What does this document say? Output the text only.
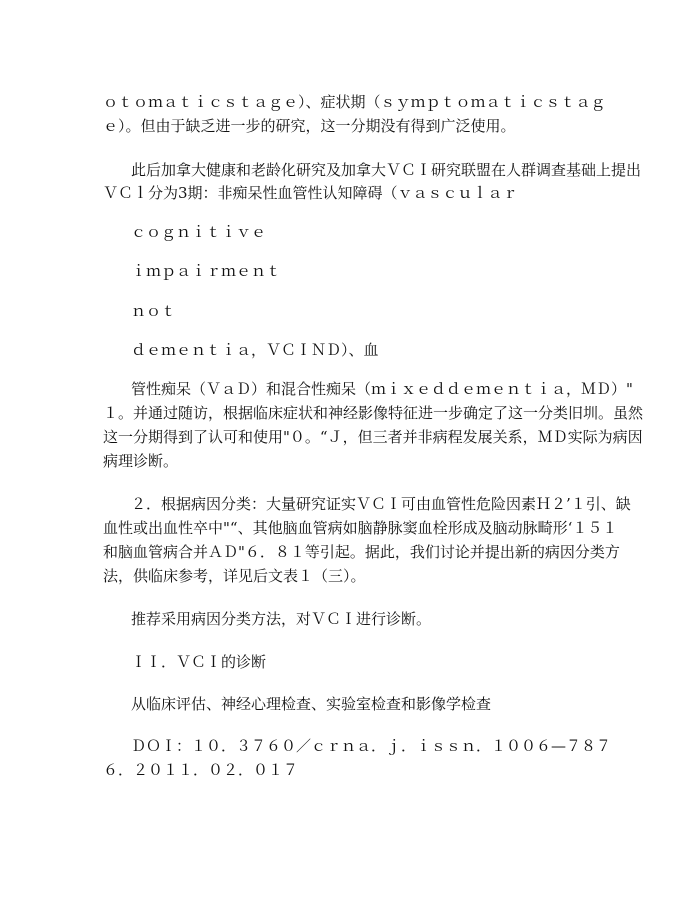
ｏｔｏｍａｔｉｃｓｔａｇｅ）、症状期（ｓｙｍｐｔｏｍａｔｉｃｓｔａｇ
ｅ）。但由于缺乏进一步的研究，这一分期没有得到广泛使用。
此后加拿大健康和老龄化研究及加拿大ＶＣＩ研究联盟在人群调查基础上提出
ＶＣｌ分为3期：非痴呆性血管性认知障碍（ｖａｓｃｕｌａｒ
ｃｏｇｎｉｔｉｖｅ
ｉｍｐａｉｒｍｅｎｔ
ｎｏｔ
ｄｅｍｅｎｔｉａ，ＶＣＩＮＤ）、血
管性痴呆（ＶａＤ）和混合性痴呆（ｍｉｘｅｄｄｅｍｅｎｔｉａ，ＭＤ）"
１。并通过随访，根据临床症状和神经影像特征进一步确定了这一分类旧圳。虽然
这一分期得到了认可和使用"０。“Ｊ，但三者并非病程发展关系，ＭＤ实际为病因
病理诊断。
２．根据病因分类：大量研究证实ＶＣＩ可由血管性危险因素Ｈ２’１引、缺
血性或出血性卒中"“、其他脑血管病如脑静脉窦血栓形成及脑动脉畸形‘１５１
和脑血管病合并ＡＤ"６．８１等引起。据此，我们讨论并提出新的病因分类方
法，供临床参考，详见后文表１（三）。
推荐采用病因分类方法，对ＶＣＩ进行诊断。
ＩＩ．ＶＣＩ的诊断
从临床评估、神经心理检查、实验室检查和影像学检查
ＤＯＩ：１０．３７６０／ｃｒｎａ．ｊ．ｉｓｓｎ．１００６—７８７
６．２０１１．０２．０１７
